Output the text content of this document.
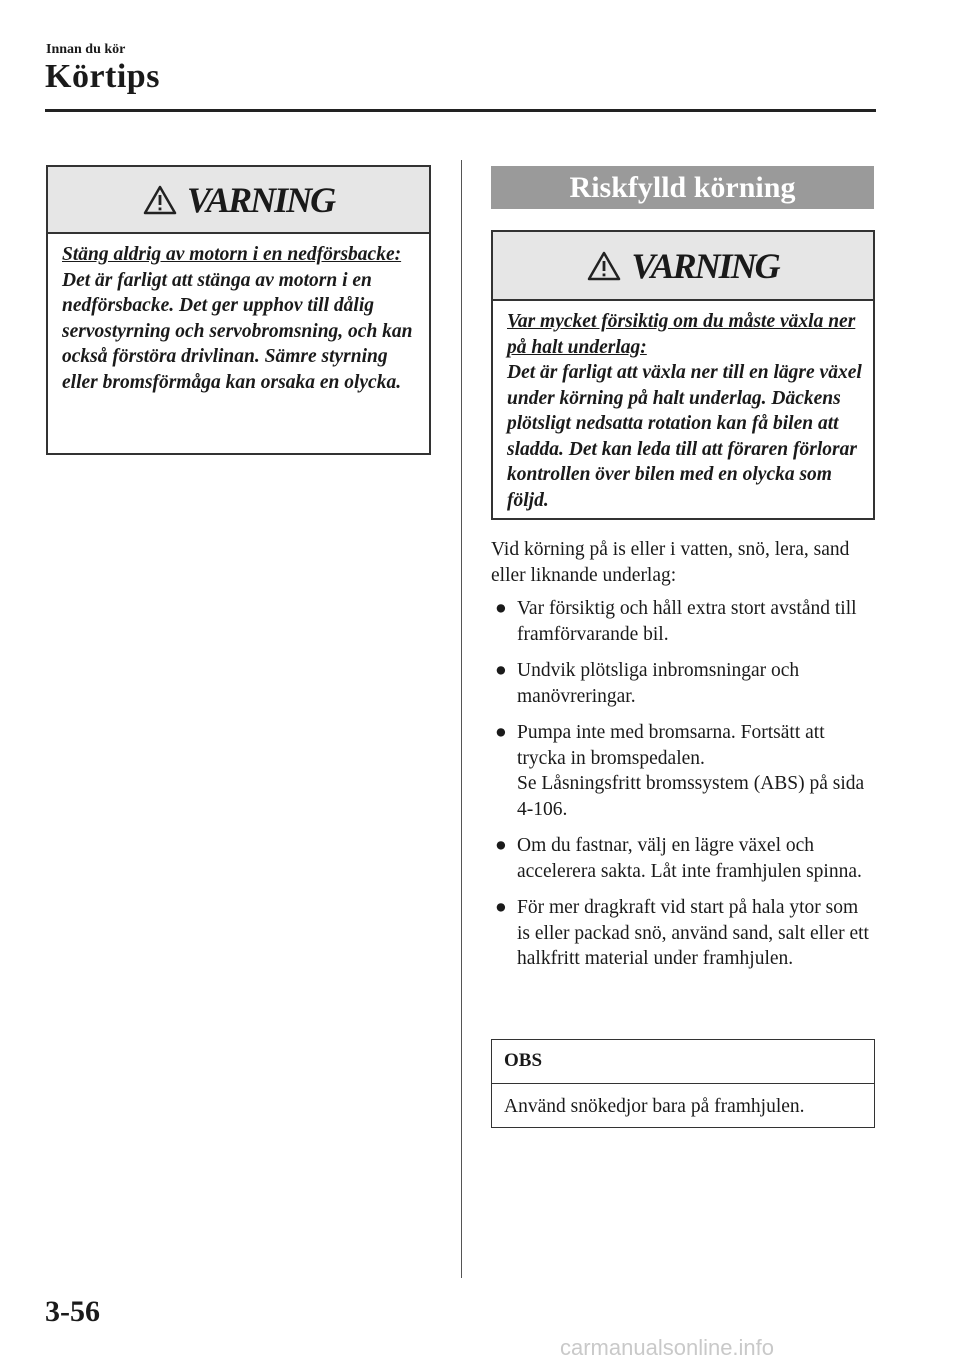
Innan du kör
Körtips
VARNING
Stäng aldrig av motorn i en nedförsbacke:
Det är farligt att stänga av motorn i en nedförsbacke. Det ger upphov till dålig servostyrning och servobromsning, och kan också förstöra drivlinan. Sämre styrning eller bromsförmåga kan orsaka en olycka.
Riskfylld körning
VARNING
Var mycket försiktig om du måste växla ner på halt underlag:
Det är farligt att växla ner till en lägre växel under körning på halt underlag. Däckens plötsligt nedsatta rotation kan få bilen att sladda. Det kan leda till att föraren förlorar kontrollen över bilen med en olycka som följd.
Vid körning på is eller i vatten, snö, lera, sand eller liknande underlag:
● Var försiktig och håll extra stort avstånd till framförvarande bil.
● Undvik plötsliga inbromsningar och manövreringar.
● Pumpa inte med bromsarna. Fortsätt att trycka in bromspedalen.
Se Låsningsfritt bromssystem (ABS) på sida 4-106.
● Om du fastnar, välj en lägre växel och accelerera sakta. Låt inte framhjulen spinna.
● För mer dragkraft vid start på hala ytor som is eller packad snö, använd sand, salt eller ett halkfritt material under framhjulen.
OBS
Använd snökedjor bara på framhjulen.
3-56
carmanualsonline.info
